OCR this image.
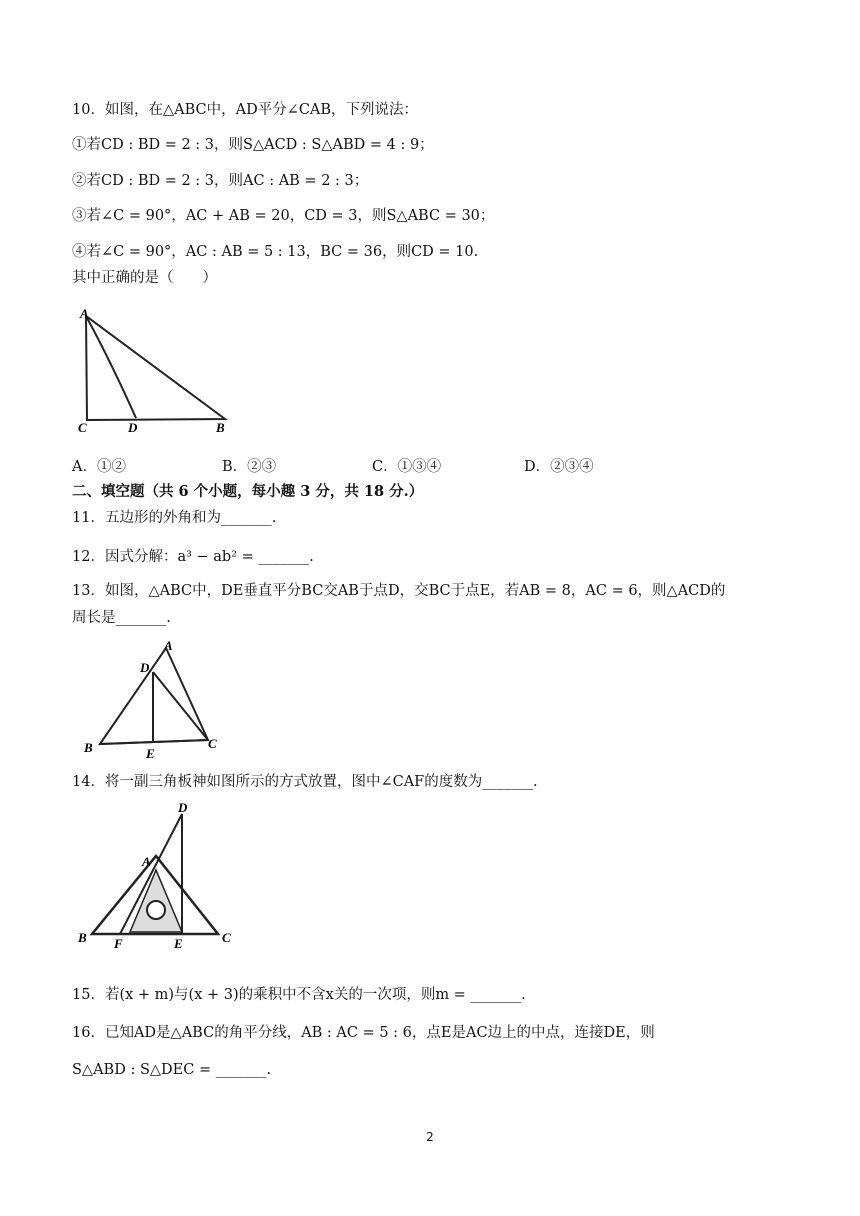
10．如图，在△ABC中，AD平分∠CAB，下列说法：
①若CD : BD = 2 : 3，则S△ACD : S△ABD = 4 : 9；
②若CD : BD = 2 : 3，则AC : AB = 2 : 3；
③若∠C = 90°，AC + AB = 20，CD = 3，则S△ABC = 30；
④若∠C = 90°，AC : AB = 5 : 13，BC = 36，则CD = 10.
其中正确的是（　　）
A
C	D	B
A．①②	B．②③	C．①③④	D．②③④
二、填空题（共 6 个小题，每小趣 3 分，共 18 分.）
11．五边形的外角和为_______.
12．因式分解：a³ − ab² = _______.
13．如图，△ABC中，DE垂直平分BC交AB于点D，交BC于点E，若AB = 8，AC = 6，则△ACD的
周长是_______.
A
D
B	E
C
14．将一副三角板神如图所示的方式放置，图中∠CAF的度数为_______.
A
B	C
D
E
F
15．若(x + m)与(x + 3)的乘积中不含x关的一次项，则m = _______.
16．已知AD是△ABC的角平分线，AB : AC = 5 : 6，点E是AC边上的中点，连接DE，则
S△ABD : S△DEC = _______.
2
